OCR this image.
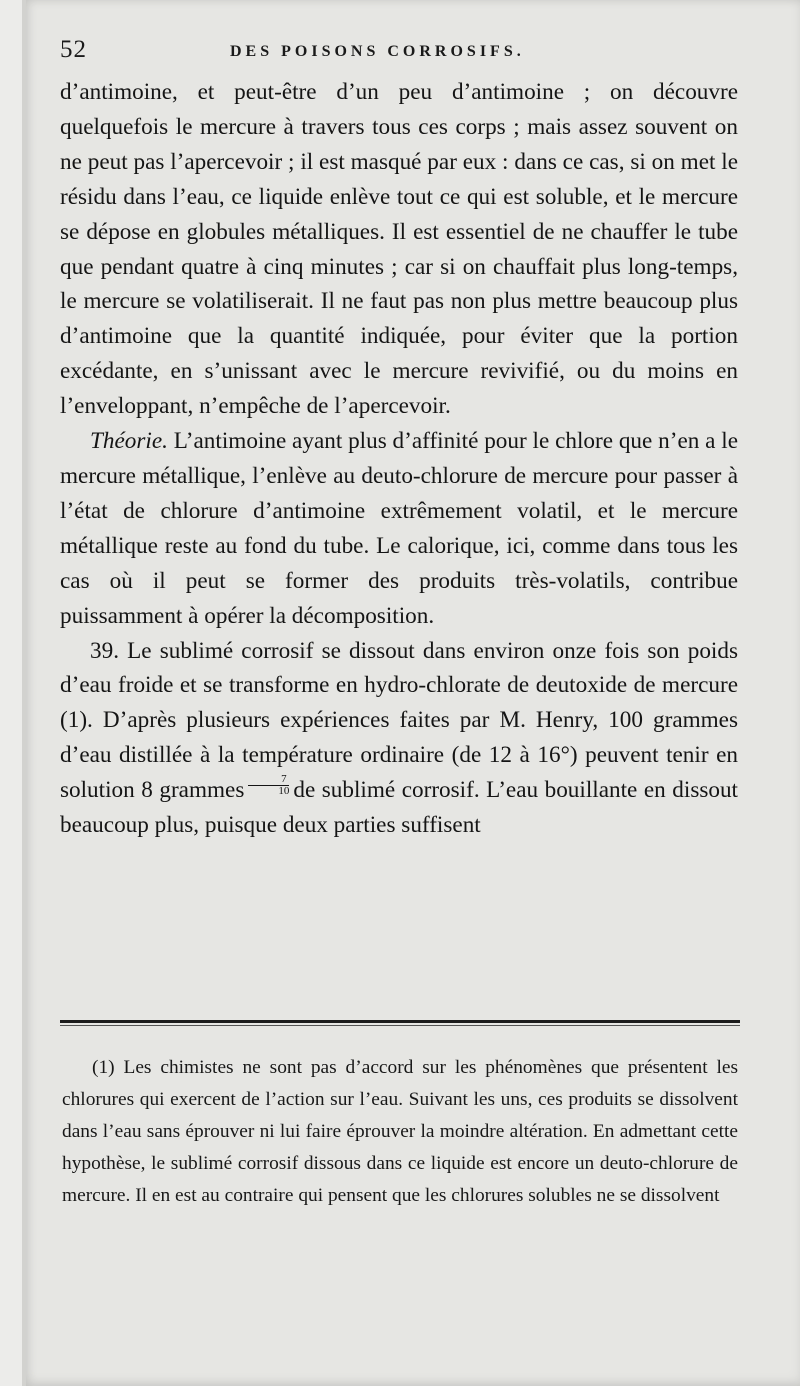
52	DES POISONS CORROSIFS.

d’antimoine, et peut-être d’un peu d’antimoine ; on découvre quelquefois le mercure à travers tous ces corps ; mais assez souvent on ne peut pas l’apercevoir ; il est masqué par eux : dans ce cas, si on met le résidu dans l’eau, ce liquide enlève tout ce qui est soluble, et le mercure se dépose en globules métalliques. Il est essentiel de ne chauffer le tube que pendant quatre à cinq minutes ; car si on chauffait plus long-temps, le mercure se volatiliserait. Il ne faut pas non plus mettre beaucoup plus d’antimoine que la quantité indiquée, pour éviter que la portion excédante, en s’unissant avec le mercure revivifié, ou du moins en l’enveloppant, n’empêche de l’apercevoir.

Théorie. L’antimoine ayant plus d’affinité pour le chlore que n’en a le mercure métallique, l’enlève au deuto-chlorure de mercure pour passer à l’état de chlorure d’antimoine extrêmement volatil, et le mercure métallique reste au fond du tube. Le calorique, ici, comme dans tous les cas où il peut se former des produits très-volatils, contribue puissamment à opérer la décomposition.

39. Le sublimé corrosif se dissout dans environ onze fois son poids d’eau froide et se transforme en hydro-chlorate de deutoxide de mercure (1). D’après plusieurs expériences faites par M. Henry, 100 grammes d’eau distillée à la température ordinaire (de 12 à 16°) peuvent tenir en solution 8 grammes $\frac{7}{10}$ de sublimé corrosif. L’eau bouillante en dissout beaucoup plus, puisque deux parties suffisent

(1) Les chimistes ne sont pas d’accord sur les phénomènes que présentent les chlorures qui exercent de l’action sur l’eau. Suivant les uns, ces produits se dissolvent dans l’eau sans éprouver ni lui faire éprouver la moindre altération. En admettant cette hypothèse, le sublimé corrosif dissous dans ce liquide est encore un deuto-chlorure de mercure. Il en est au contraire qui pensent que les chlorures solubles ne se dissolvent
